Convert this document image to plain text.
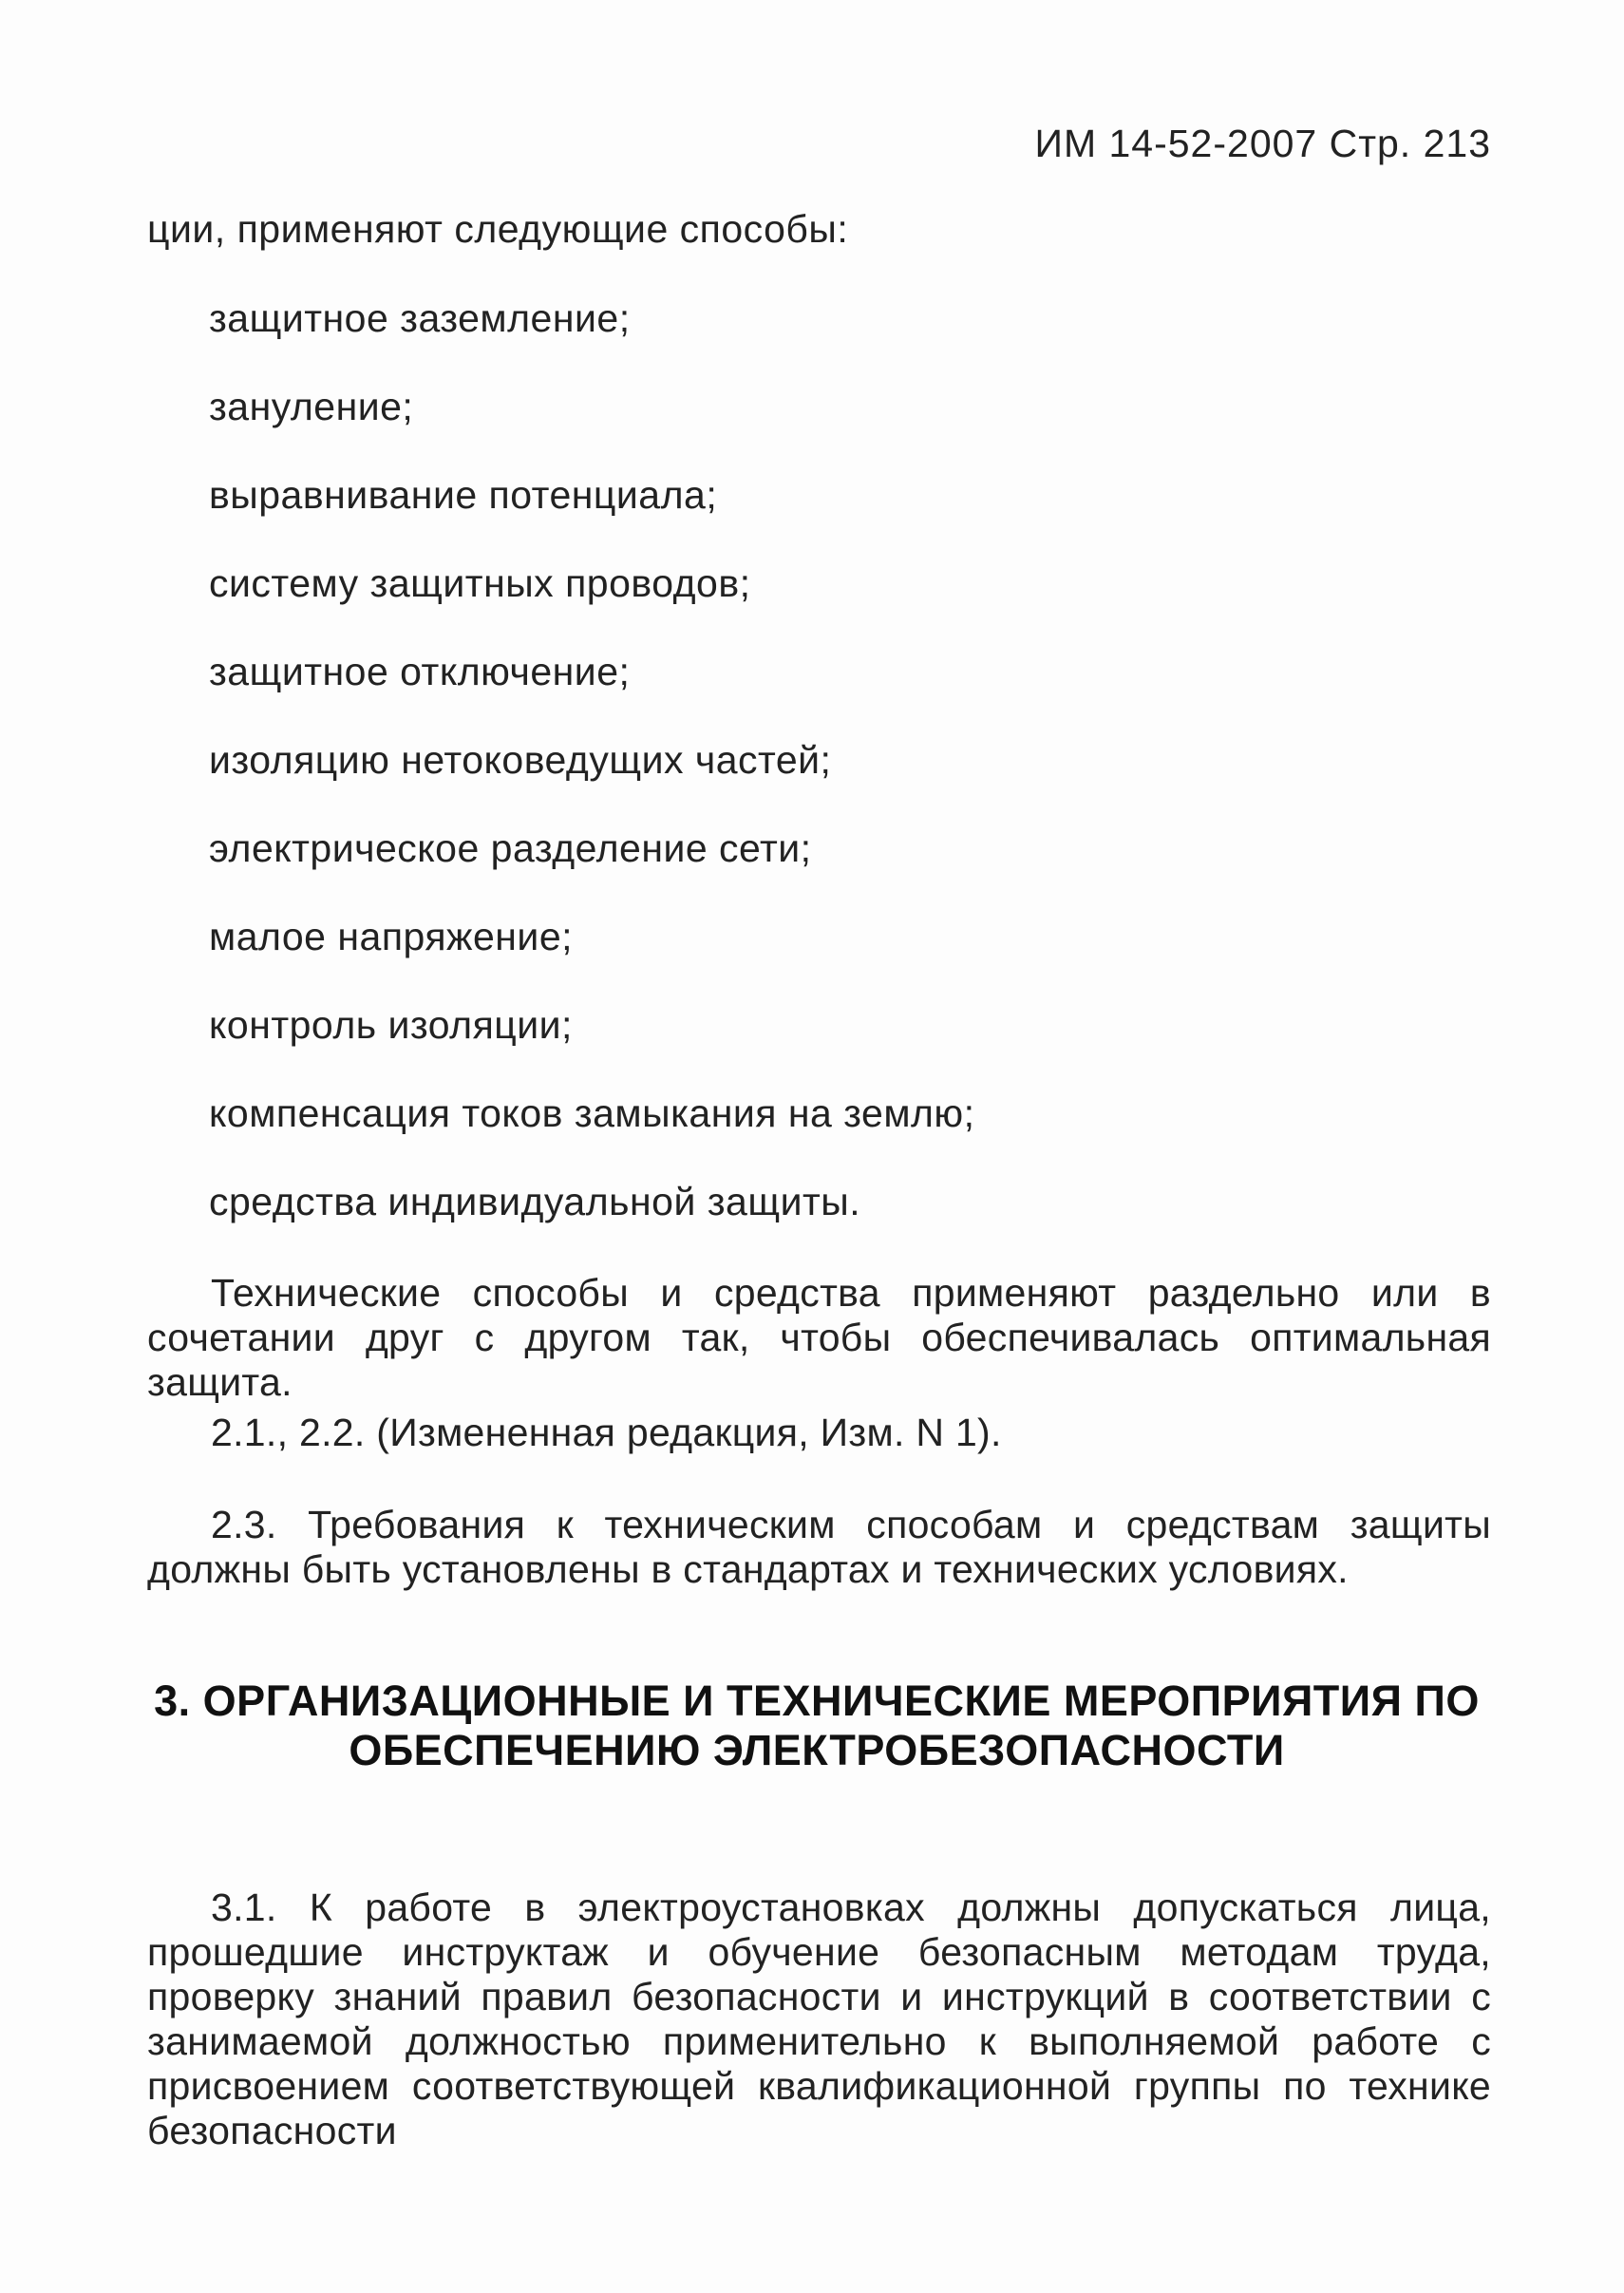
ИМ 14-52-2007 Стр. 213
ции, применяют следующие способы:
защитное заземление;
зануление;
выравнивание потенциала;
систему защитных проводов;
защитное отключение;
изоляцию нетоковедущих частей;
электрическое разделение сети;
малое напряжение;
контроль изоляции;
компенсация токов замыкания на землю;
средства индивидуальной защиты.
Технические способы и средства применяют раздельно или в сочетании друг с другом так, чтобы обеспечивалась оптимальная защита.
2.1., 2.2. (Измененная редакция, Изм. N 1).
2.3. Требования к техническим способам и средствам защиты должны быть установлены в стандартах и технических условиях.
3. ОРГАНИЗАЦИОННЫЕ И ТЕХНИЧЕСКИЕ МЕРОПРИЯТИЯ ПО ОБЕСПЕЧЕНИЮ ЭЛЕКТРОБЕЗОПАСНОСТИ
3.1. К работе в электроустановках должны допускаться лица, прошедшие инструктаж и обучение безопасным методам труда, проверку знаний правил безопасности и инструкций в соответствии с занимаемой должностью применительно к выполняемой работе с присвоением соответствующей квалификационной группы по технике безопасности
